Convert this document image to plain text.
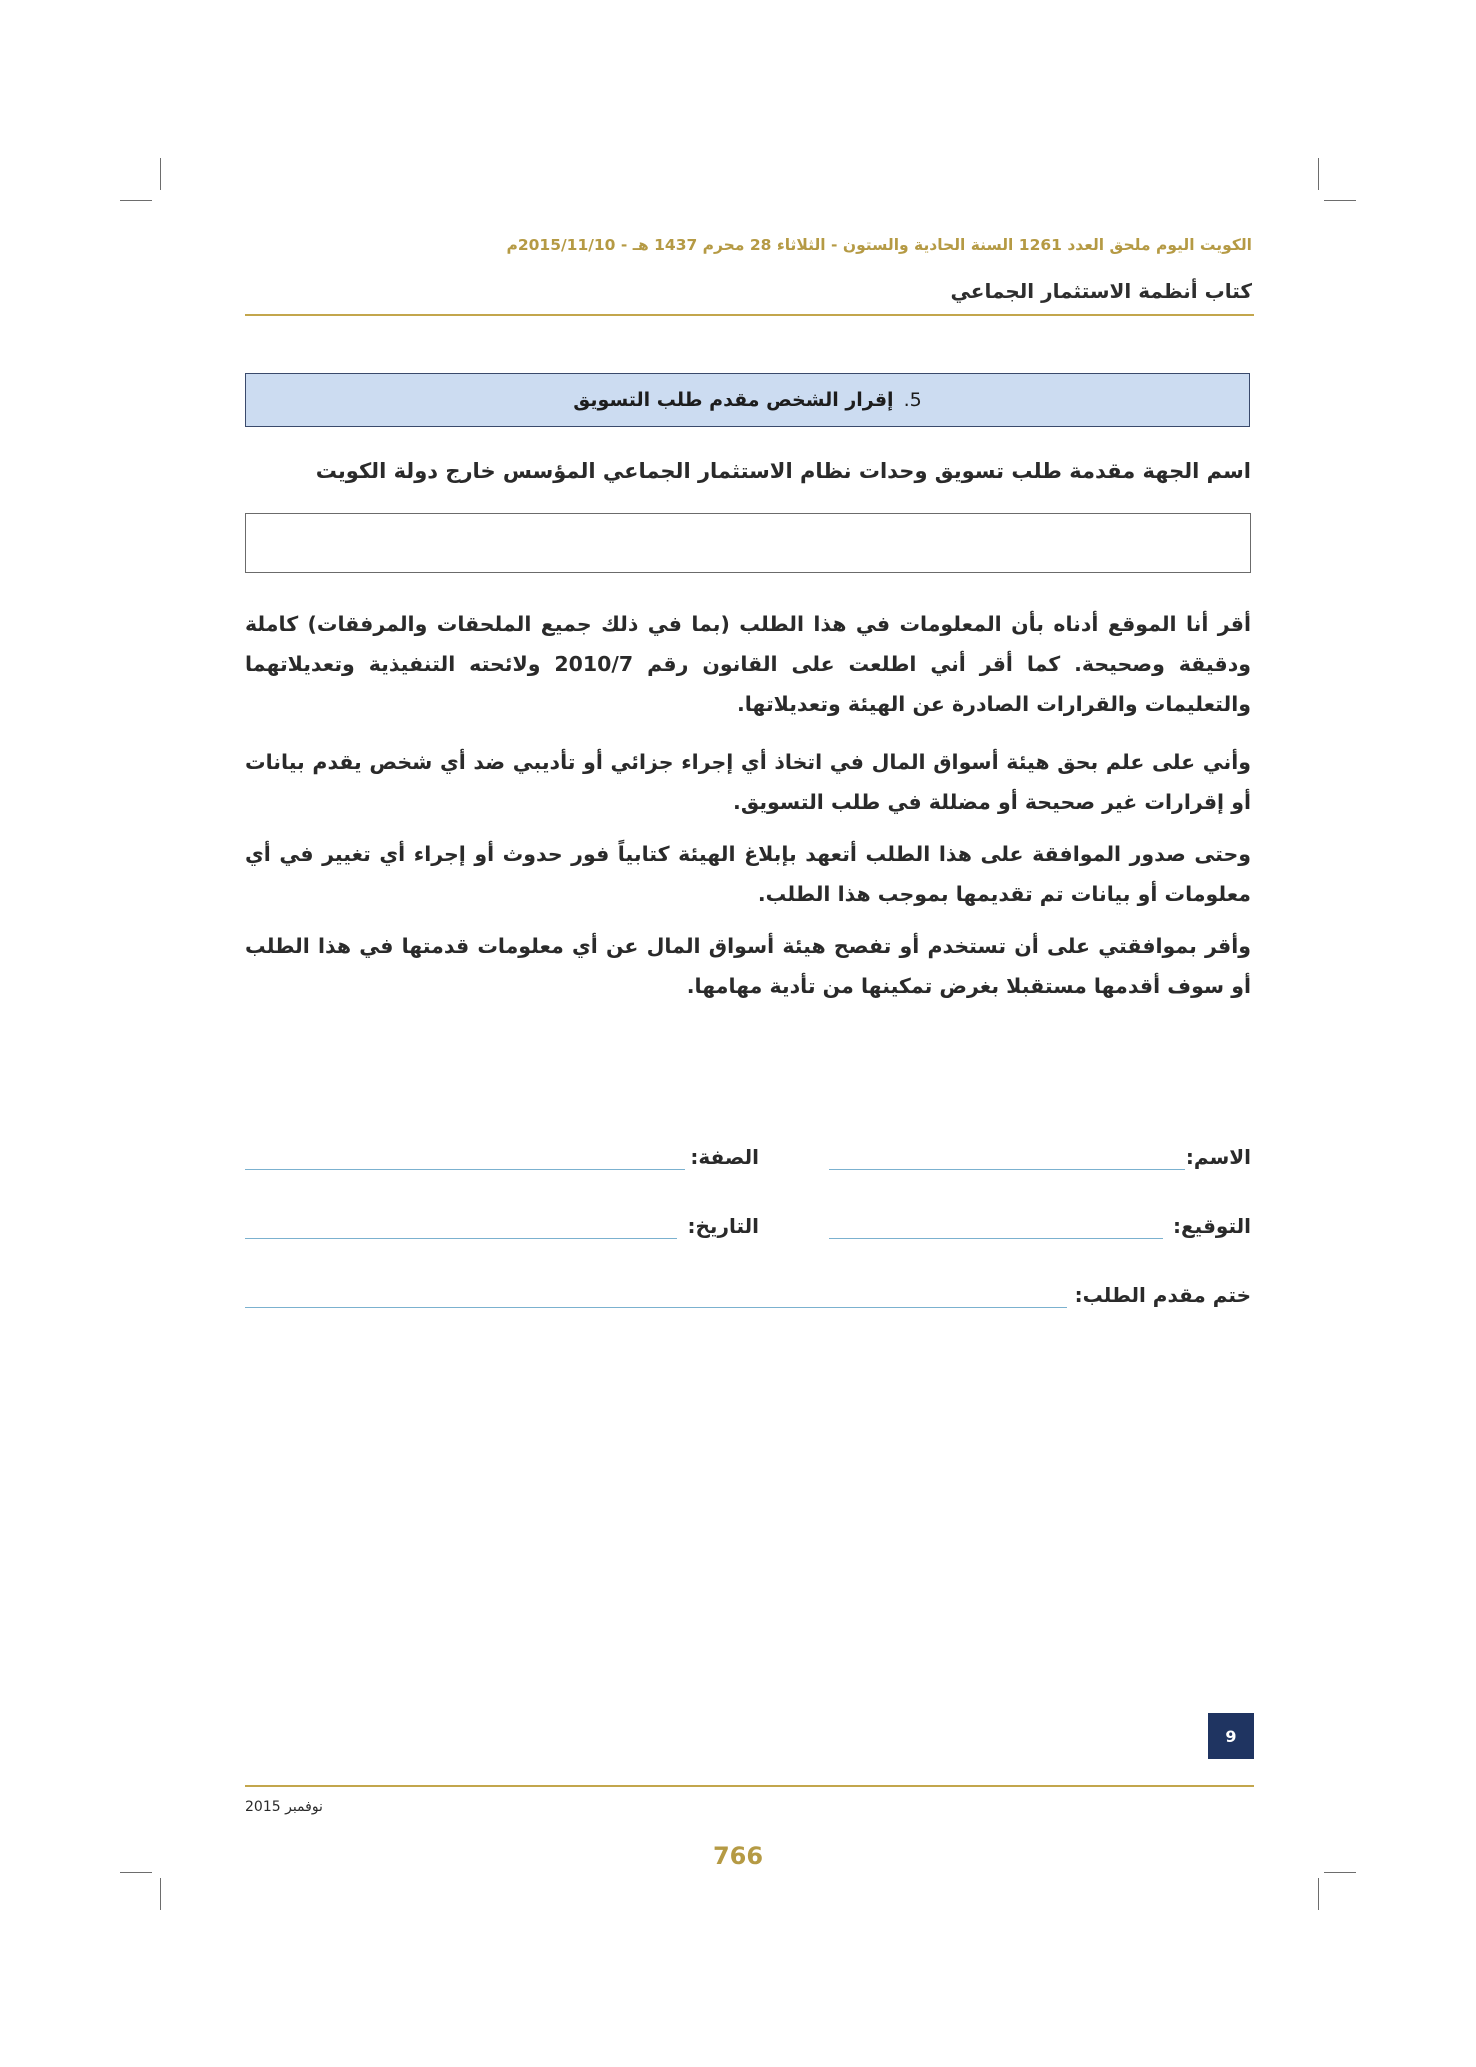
الكويت اليوم ملحق العدد 1261 السنة الحادية والستون - الثلاثاء 28 محرم 1437 هـ - 2015/11/10م
كتاب أنظمة الاستثمار الجماعي
5.
إقرار الشخص مقدم طلب التسويق
اسم الجهة مقدمة طلب تسويق وحدات نظام الاستثمار الجماعي المؤسس خارج دولة الكويت
أقر أنا الموقع أدناه بأن المعلومات في هذا الطلب (بما في ذلك جميع الملحقات والمرفقات) كاملة ودقيقة وصحيحة. كما أقر أني اطلعت على القانون رقم 2010/7 ولائحته التنفيذية وتعديلاتهما والتعليمات والقرارات الصادرة عن الهيئة وتعديلاتها.
وأني على علم بحق هيئة أسواق المال في اتخاذ أي إجراء جزائي أو تأديبي ضد أي شخص يقدم بيانات أو إقرارات غير صحيحة أو مضللة في طلب التسويق.
وحتى صدور الموافقة على هذا الطلب أتعهد بإبلاغ الهيئة كتابياً فور حدوث أو إجراء أي تغيير في أي معلومات أو بيانات تم تقديمها بموجب هذا الطلب.
وأقر بموافقتي على أن تستخدم أو تفصح هيئة أسواق المال عن أي معلومات قدمتها في هذا الطلب أو سوف أقدمها مستقبلا بغرض تمكينها من تأدية مهامها.
الاسم:
الصفة:
التوقيع:
التاريخ:
ختم مقدم الطلب:
9
نوفمبر 2015
766
